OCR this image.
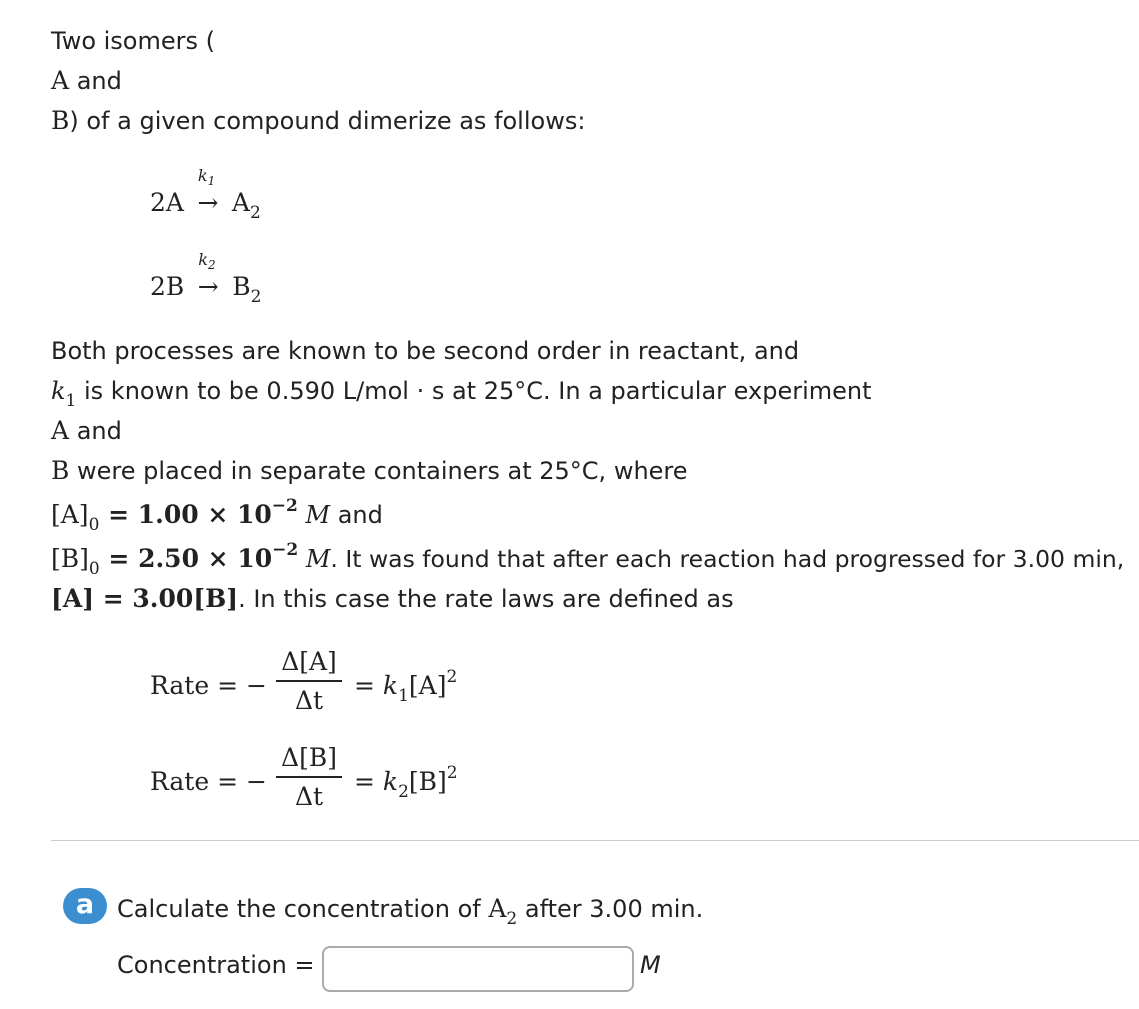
Two isomers (
A and
B) of a given compound dimerize as follows:
2A
$k_1$
→ $A_2$
2B
$k_2$
→ $B_2$
Both processes are known to be second order in reactant, and
$k_1$ is known to be 0.590 L/mol · s at 25°C. In a particular experiment
A and
B were placed in separate containers at 25°C, where
$[A]_0 = 1.00 \times 10^{-2}$ M and
$[B]_0 = 2.50 \times 10^{-2}$ M. It was found that after each reaction had progressed for 3.00 min,
[A] = 3.00[B]. In this case the rate laws are defined as
Rate = −
Δ[A]
Δt
= $k_1[A]^2$
Rate = −
Δ[B]
Δt
= $k_2[B]^2$
a Calculate the concentration of $A_2$ after 3.00 min.
Concentration =	M
